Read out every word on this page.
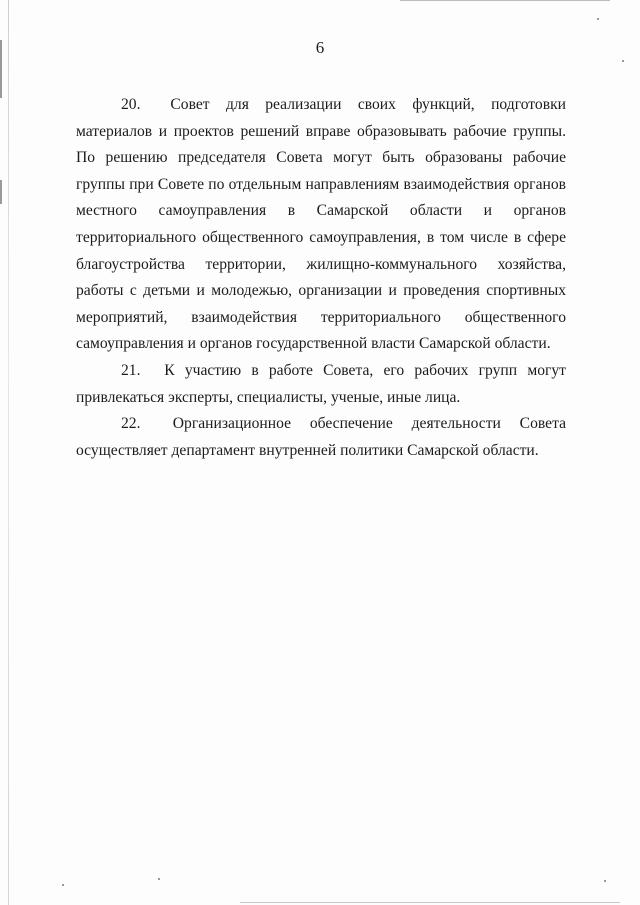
6

20. Совет для реализации своих функций, подготовки материалов и проектов решений вправе образовывать рабочие группы. По решению председателя Совета могут быть образованы рабочие группы при Совете по отдельным направлениям взаимодействия органов местного самоуправления в Самарской области и органов территориального общественного самоуправления, в том числе в сфере благоустройства территории, жилищно-коммунального хозяйства, работы с детьми и молодежью, организации и проведения спортивных мероприятий, взаимодействия территориального общественного самоуправления и органов государственной власти Самарской области.

21. К участию в работе Совета, его рабочих групп могут привлекаться эксперты, специалисты, ученые, иные лица.

22. Организационное обеспечение деятельности Совета осуществляет департамент внутренней политики Самарской области.
